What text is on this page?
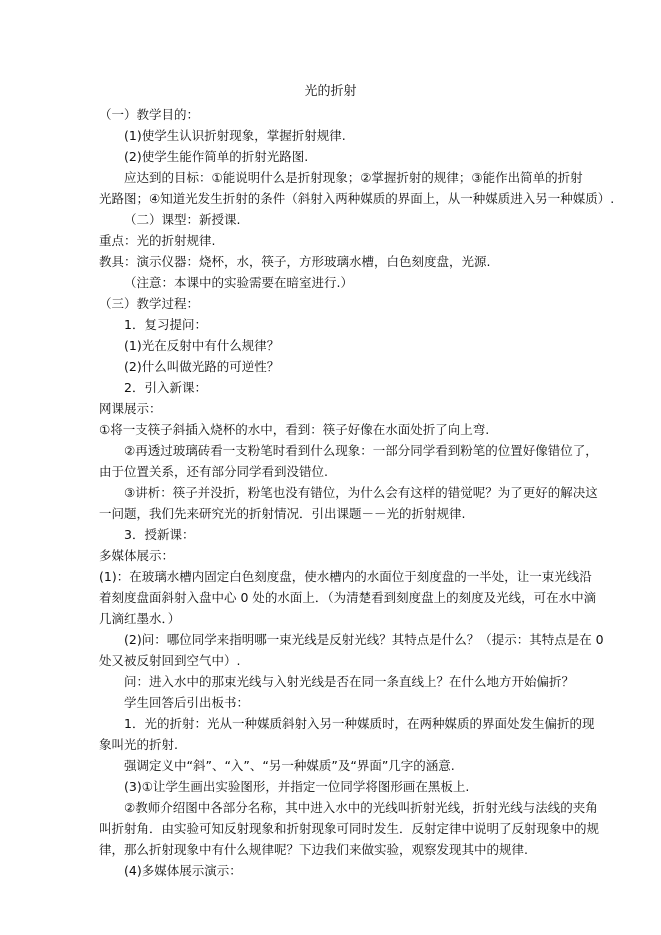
光的折射
（一）教学目的：
(1)使学生认识折射现象，掌握折射规律.
(2)使学生能作简单的折射光路图.
应达到的目标：①能说明什么是折射现象；②掌握折射的规律；③能作出简单的折射
光路图；④知道光发生折射的条件（斜射入两种媒质的界面上，从一种媒质进入另一种媒质）.
（二）课型：新授课.
重点：光的折射规律.
教具：演示仪器：烧杯，水，筷子，方形玻璃水槽，白色刻度盘，光源.
（注意：本课中的实验需要在暗室进行.）
（三）教学过程：
1．复习提问：
(1)光在反射中有什么规律？
(2)什么叫做光路的可逆性？
2．引入新课：
网课展示：
①将一支筷子斜插入烧杯的水中，看到：筷子好像在水面处折了向上弯.
②再透过玻璃砖看一支粉笔时看到什么现象：一部分同学看到粉笔的位置好像错位了，
由于位置关系，还有部分同学看到没错位.
③讲析：筷子并没折，粉笔也没有错位，为什么会有这样的错觉呢？为了更好的解决这
一问题，我们先来研究光的折射情况．引出课题－－光的折射规律.
3．授新课：
多媒体展示：
(1)：在玻璃水槽内固定白色刻度盘，使水槽内的水面位于刻度盘的一半处，让一束光线沿
着刻度盘面斜射入盘中心 0 处的水面上．（为清楚看到刻度盘上的刻度及光线，可在水中滴
几滴红墨水．）
(2)问：哪位同学来指明哪一束光线是反射光线？其特点是什么？（提示：其特点是在 0
处又被反射回到空气中）.
问：进入水中的那束光线与入射光线是否在同一条直线上？在什么地方开始偏折？
学生回答后引出板书：
1．光的折射：光从一种媒质斜射入另一种媒质时，在两种媒质的界面处发生偏折的现
象叫光的折射.
强调定义中“斜”、“入”、“另一种媒质”及“界面”几字的涵意.
(3)①让学生画出实验图形，并指定一位同学将图形画在黑板上.
②教师介绍图中各部分名称，其中进入水中的光线叫折射光线，折射光线与法线的夹角
叫折射角．由实验可知反射现象和折射现象可同时发生．反射定律中说明了反射现象中的规
律，那么折射现象中有什么规律呢？下边我们来做实验，观察发现其中的规律.
(4)多媒体展示演示：
